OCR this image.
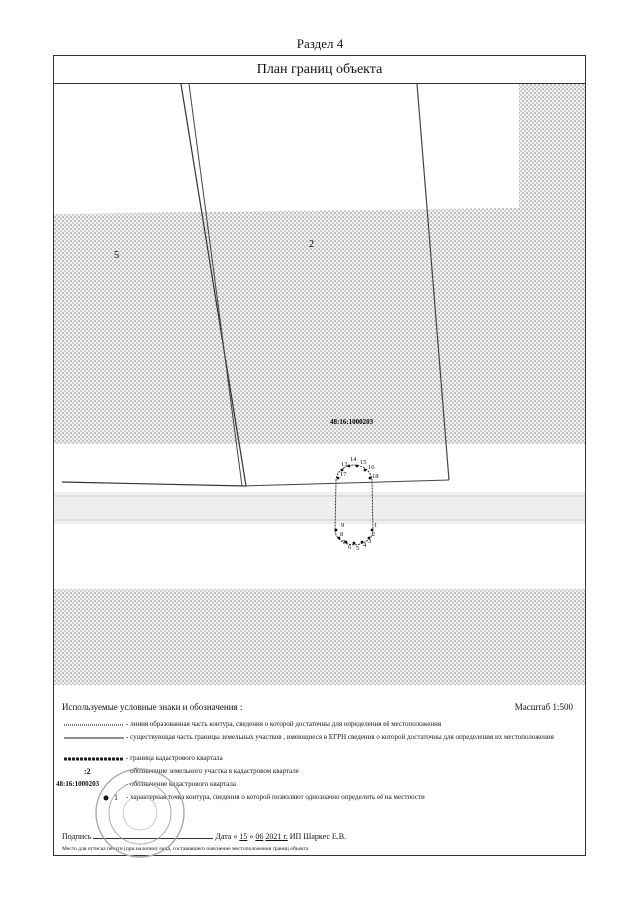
Раздел 4
План границ объекта
13
14 15
16
17	18
9
8
7
6 5 4
3
2
1
5
2
48:16:1000203
Используемые условные знаки и обозначения :	Масштаб 1:500
- линия образованная часть контура, сведения о которой достаточны для определения её местоположения
- существующая часть границы земельных участков , имеющиеся в ЕГРН сведения о которой достаточны для определения их местоположения
- граница кадастрового квартала
:2	- обозначение земельного участка в кадастровом квартале
48:16:1000203	- обозначение кадастрового квартала
1	- характерная точка контура, сведения о которой позволяют однозначно определить её на местности
Подпись	Дата « 15 » 06 2021 г. ИП Шаркес Е.В.
Место для оттиска печати (при наличии) лица, составившего пояснение местоположения границ объекта
